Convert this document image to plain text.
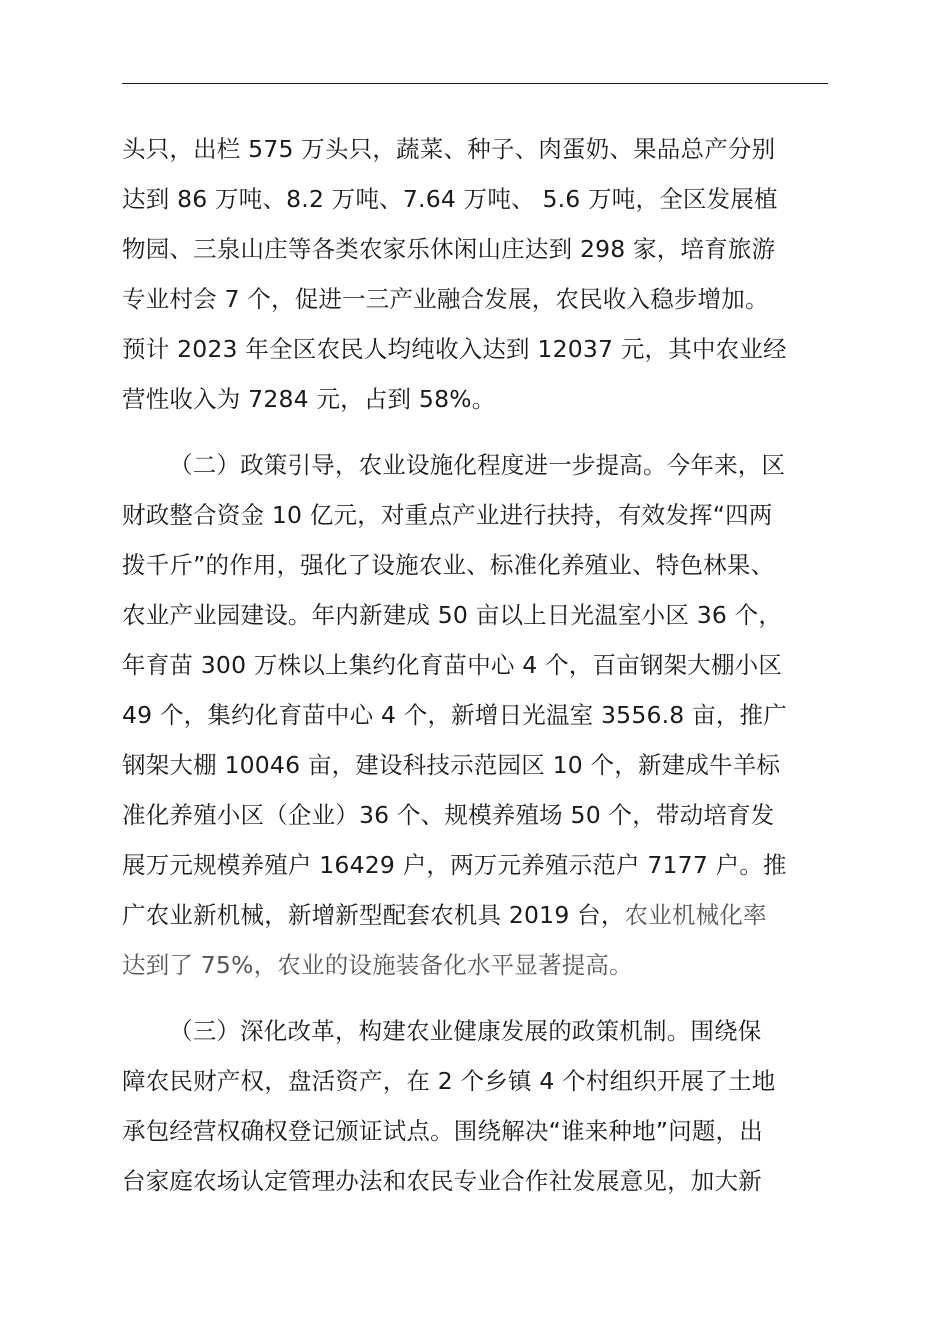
头只，出栏 575 万头只，蔬菜、种子、肉蛋奶、果品总产分别
达到 86 万吨、8.2 万吨、7.64 万吨、 5.6 万吨，全区发展植
物园、三泉山庄等各类农家乐休闲山庄达到 298 家，培育旅游
专业村会 7 个，促进一三产业融合发展，农民收入稳步增加。
预计 2023 年全区农民人均纯收入达到 12037 元，其中农业经
营性收入为 7284 元，占到 58%。
（二）政策引导，农业设施化程度进一步提高。今年来，区
财政整合资金 10 亿元，对重点产业进行扶持，有效发挥“四两
拨千斤”的作用，强化了设施农业、标准化养殖业、特色林果、
农业产业园建设。年内新建成 50 亩以上日光温室小区 36 个，
年育苗 300 万株以上集约化育苗中心 4 个，百亩钢架大棚小区
49 个，集约化育苗中心 4 个，新增日光温室 3556.8 亩，推广
钢架大棚 10046 亩，建设科技示范园区 10 个，新建成牛羊标
准化养殖小区（企业）36 个、规模养殖场 50 个，带动培育发
展万元规模养殖户 16429 户，两万元养殖示范户 7177 户。推
广农业新机械，新增新型配套农机具 2019 台，农业机械化率
达到了 75%，农业的设施装备化水平显著提高。
（三）深化改革，构建农业健康发展的政策机制。围绕保
障农民财产权，盘活资产，在 2 个乡镇 4 个村组织开展了土地
承包经营权确权登记颁证试点。围绕解决“谁来种地”问题，出
台家庭农场认定管理办法和农民专业合作社发展意见，加大新
